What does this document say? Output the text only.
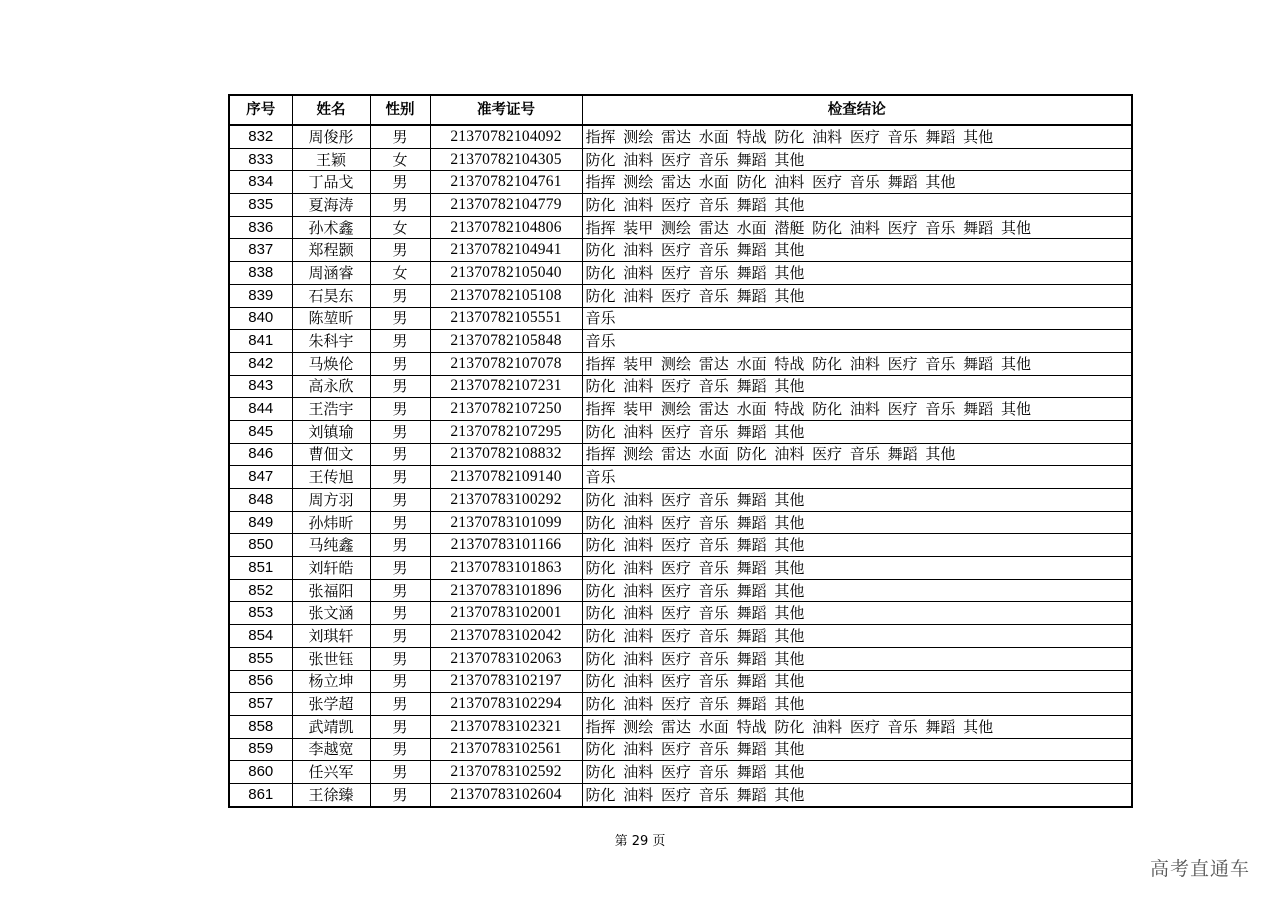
序号	姓名	性别	准考证号	检查结论
832	周俊彤	男	21370782104092	指挥 测绘 雷达 水面 特战 防化 油料 医疗 音乐 舞蹈 其他
833	王颖	女	21370782104305	防化 油料 医疗 音乐 舞蹈 其他
834	丁品戈	男	21370782104761	指挥 测绘 雷达 水面 防化 油料 医疗 音乐 舞蹈 其他
835	夏海涛	男	21370782104779	防化 油料 医疗 音乐 舞蹈 其他
836	孙术鑫	女	21370782104806	指挥 装甲 测绘 雷达 水面 潜艇 防化 油料 医疗 音乐 舞蹈 其他
837	郑程颢	男	21370782104941	防化 油料 医疗 音乐 舞蹈 其他
838	周涵睿	女	21370782105040	防化 油料 医疗 音乐 舞蹈 其他
839	石昊东	男	21370782105108	防化 油料 医疗 音乐 舞蹈 其他
840	陈堃昕	男	21370782105551	音乐
841	朱科宇	男	21370782105848	音乐
842	马焕伦	男	21370782107078	指挥 装甲 测绘 雷达 水面 特战 防化 油料 医疗 音乐 舞蹈 其他
843	高永欣	男	21370782107231	防化 油料 医疗 音乐 舞蹈 其他
844	王浩宇	男	21370782107250	指挥 装甲 测绘 雷达 水面 特战 防化 油料 医疗 音乐 舞蹈 其他
845	刘镇瑜	男	21370782107295	防化 油料 医疗 音乐 舞蹈 其他
846	曹佃文	男	21370782108832	指挥 测绘 雷达 水面 防化 油料 医疗 音乐 舞蹈 其他
847	王传旭	男	21370782109140	音乐
848	周方羽	男	21370783100292	防化 油料 医疗 音乐 舞蹈 其他
849	孙炜昕	男	21370783101099	防化 油料 医疗 音乐 舞蹈 其他
850	马纯鑫	男	21370783101166	防化 油料 医疗 音乐 舞蹈 其他
851	刘轩皓	男	21370783101863	防化 油料 医疗 音乐 舞蹈 其他
852	张福阳	男	21370783101896	防化 油料 医疗 音乐 舞蹈 其他
853	张文涵	男	21370783102001	防化 油料 医疗 音乐 舞蹈 其他
854	刘琪轩	男	21370783102042	防化 油料 医疗 音乐 舞蹈 其他
855	张世钰	男	21370783102063	防化 油料 医疗 音乐 舞蹈 其他
856	杨立坤	男	21370783102197	防化 油料 医疗 音乐 舞蹈 其他
857	张学超	男	21370783102294	防化 油料 医疗 音乐 舞蹈 其他
858	武靖凯	男	21370783102321	指挥 测绘 雷达 水面 特战 防化 油料 医疗 音乐 舞蹈 其他
859	李越宽	男	21370783102561	防化 油料 医疗 音乐 舞蹈 其他
860	任兴军	男	21370783102592	防化 油料 医疗 音乐 舞蹈 其他
861	王徐臻	男	21370783102604	防化 油料 医疗 音乐 舞蹈 其他
第 29 页
高考直通车
